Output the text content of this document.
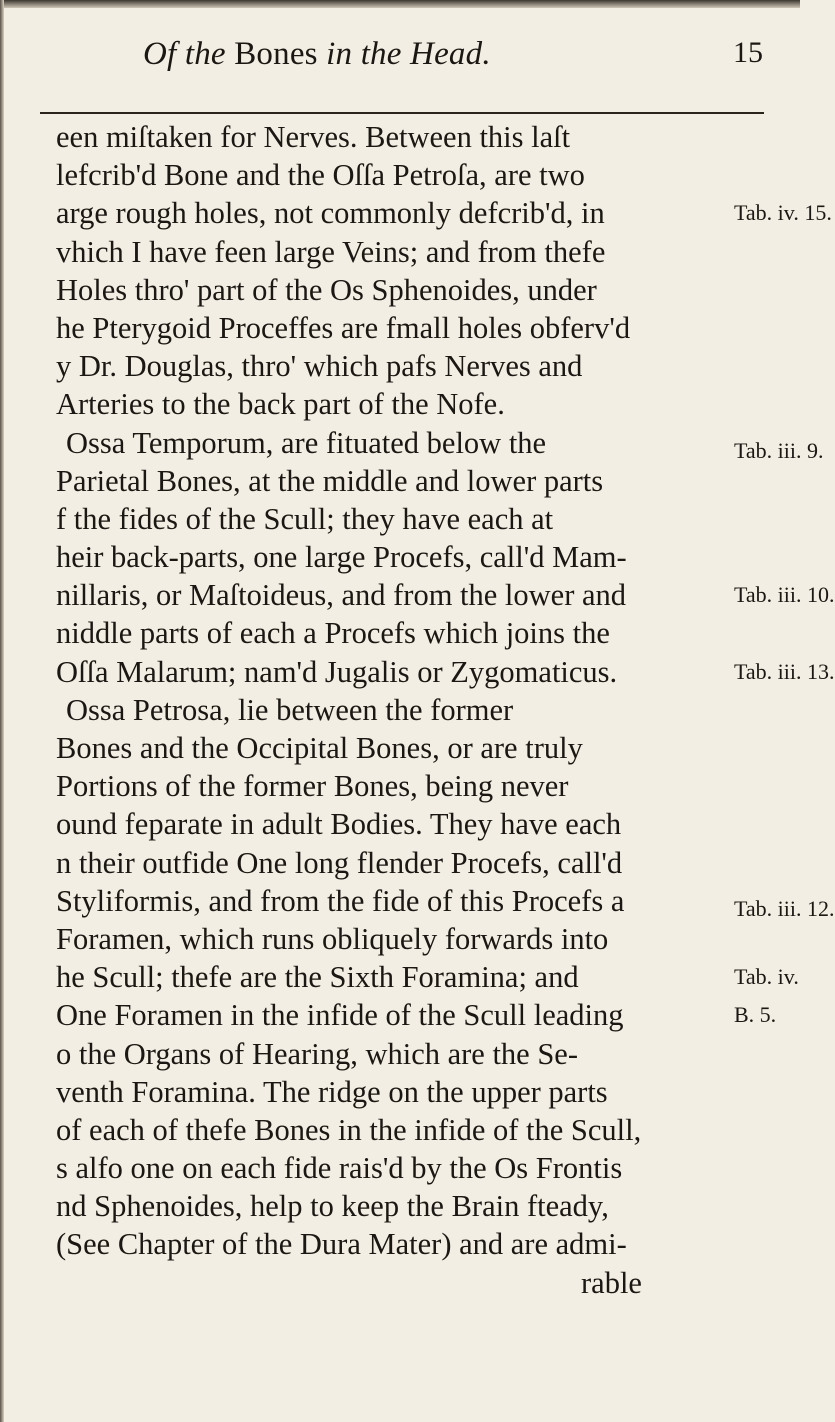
Of the Bones in the Head.	15
een miſtaken for Nerves. Between this laſt
lefcrib'd Bone and the Oſſa Petroſa, are two
arge rough holes, not commonly defcrib'd, in	Tab. iv. 15.
vhich I have feen large Veins; and from thefe
Holes thro' part of the Os Sphenoides, under
he Pterygoid Proceffes are fmall holes obferv'd
y Dr. Douglas, thro' which pafs Nerves and
Arteries to the back part of the Nofe.
Ossa Temporum, are fituated below the	Tab. iii. 9.
Parietal Bones, at the middle and lower parts
f the fides of the Scull; they have each at
heir back-parts, one large Procefs, call'd Mam-
nillaris, or Maſtoideus, and from the lower and	Tab. iii. 10.
niddle parts of each a Procefs which joins the
Oſſa Malarum; nam'd Jugalis or Zygomaticus.	Tab. iii. 13.
Ossa Petrosa, lie between the former
Bones and the Occipital Bones, or are truly
Portions of the former Bones, being never
ound feparate in adult Bodies. They have each
n their outfide One long flender Procefs, call'd
Styliformis, and from the fide of this Procefs a	Tab. iii. 12.
Foramen, which runs obliquely forwards into
he Scull; thefe are the Sixth Foramina; and	Tab. iv.
One Foramen in the infide of the Scull leading	B. 5.
o the Organs of Hearing, which are the Se-
venth Foramina. The ridge on the upper parts
of each of thefe Bones in the infide of the Scull,
s alfo one on each fide rais'd by the Os Frontis
nd Sphenoides, help to keep the Brain fteady,
(See Chapter of the Dura Mater) and are admi-
rable
